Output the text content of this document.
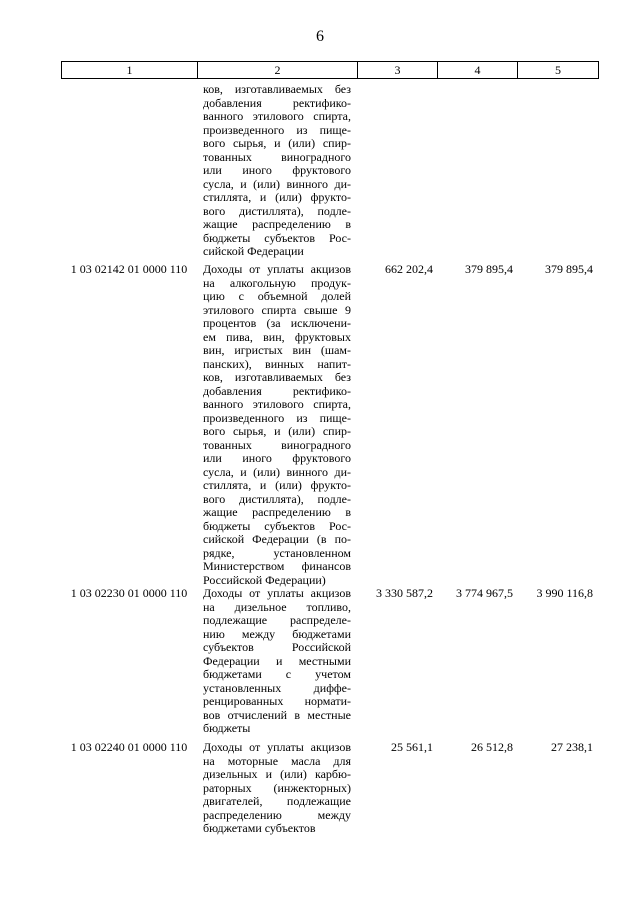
6
1	2	3	4	5
ков, изготавливаемых без
добавления ректифико-
ванного этилового спирта,
произведенного из пище-
вого сырья, и (или) спир-
тованных виноградного
или иного фруктового
сусла, и (или) винного ди-
стиллята, и (или) фрукто-
вого дистиллята), подле-
жащие распределению в
бюджеты субъектов Рос-
сийской Федерации
1 03 02142 01 0000 110	Доходы от уплаты акцизов
на алкогольную продук-
цию с объемной долей
этилового спирта свыше 9
процентов (за исключени-
ем пива, вин, фруктовых
вин, игристых вин (шам-
панских), винных напит-
ков, изготавливаемых без
добавления ректифико-
ванного этилового спирта,
произведенного из пище-
вого сырья, и (или) спир-
тованных виноградного
или иного фруктового
сусла, и (или) винного ди-
стиллята, и (или) фрукто-
вого дистиллята), подле-
жащие распределению в
бюджеты субъектов Рос-
сийской Федерации (в по-
рядке, установленном
Министерством финансов
Российской Федерации)
662 202,4	379 895,4	379 895,4
1 03 02230 01 0000 110	Доходы от уплаты акцизов
на дизельное топливо,
подлежащие распределе-
нию между бюджетами
субъектов Российской
Федерации и местными
бюджетами с учетом
установленных диффе-
ренцированных нормати-
вов отчислений в местные
бюджеты
3 330 587,2	3 774 967,5	3 990 116,8
1 03 02240 01 0000 110	Доходы от уплаты акцизов
на моторные масла для
дизельных и (или) карбю-
раторных (инжекторных)
двигателей, подлежащие
распределению между
бюджетами субъектов
25 561,1	26 512,8	27 238,1
